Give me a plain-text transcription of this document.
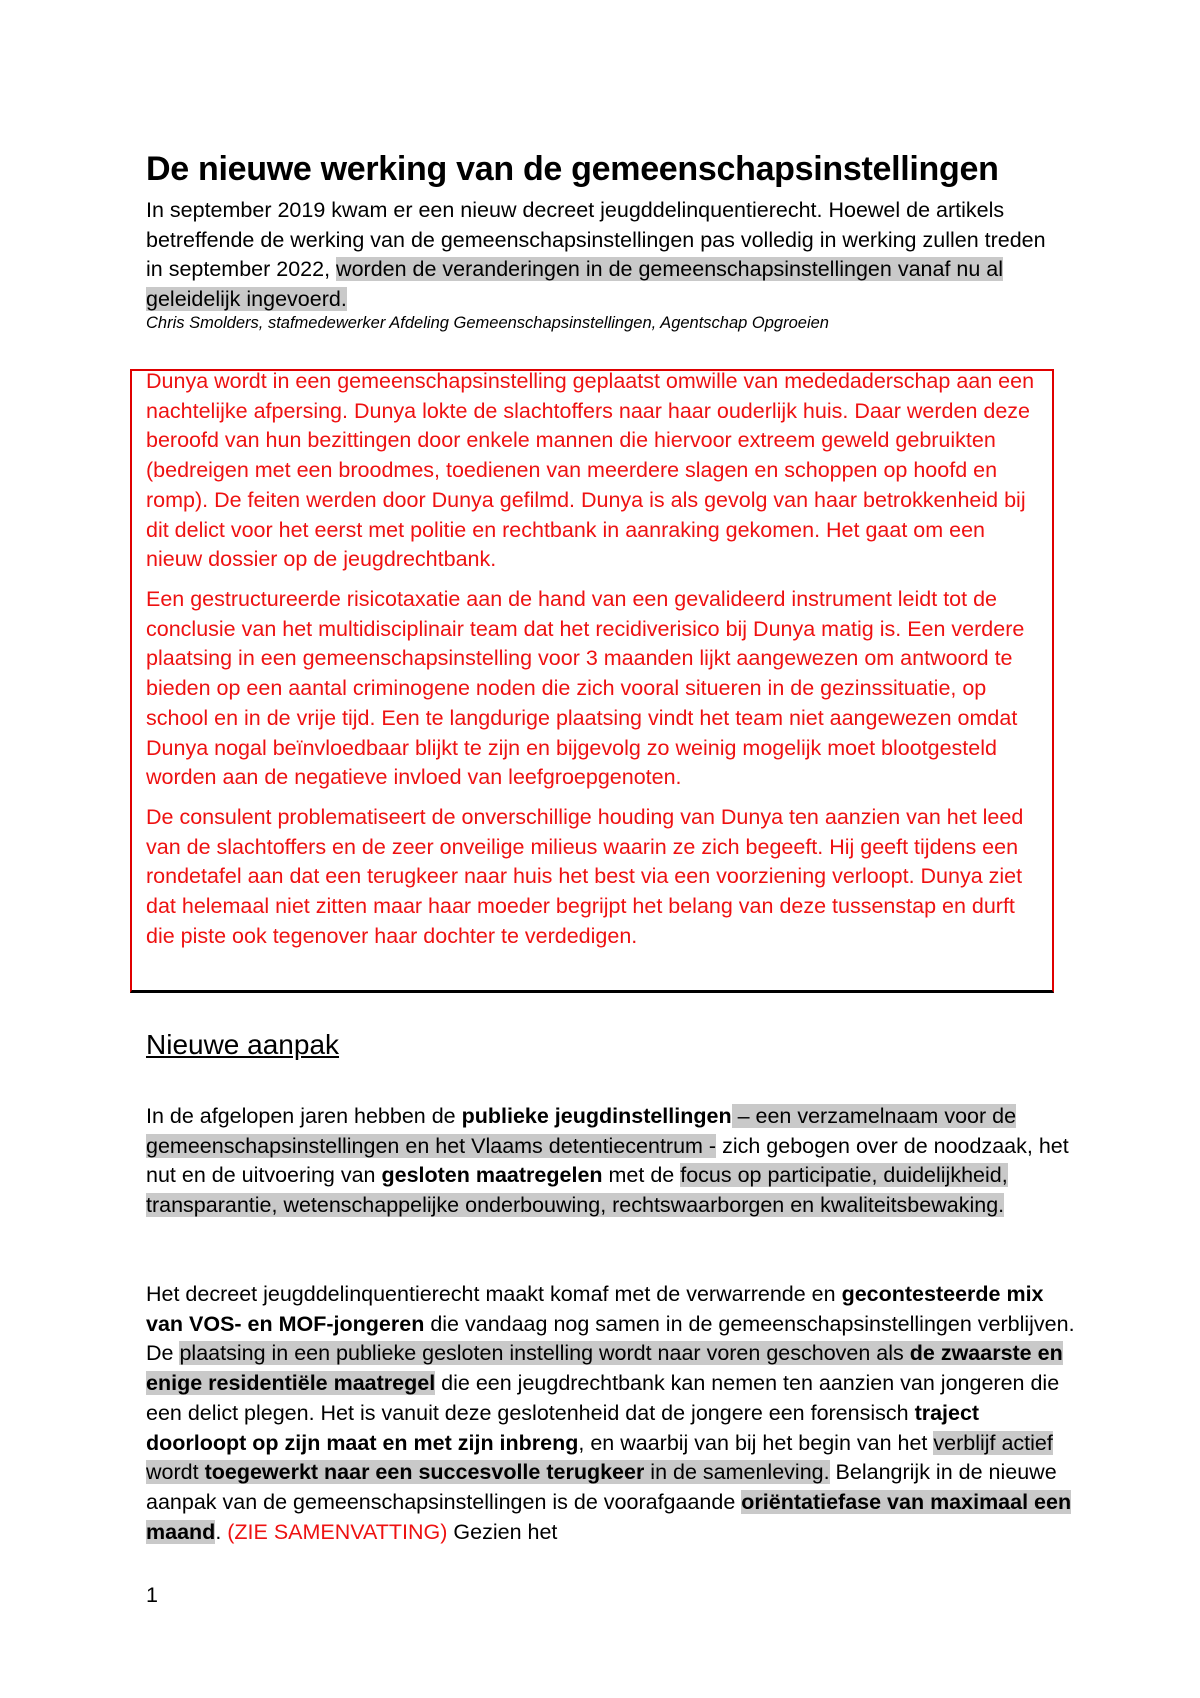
De nieuwe werking van de gemeenschapsinstellingen
In september 2019 kwam er een nieuw decreet jeugddelinquentierecht. Hoewel de artikels betreffende de werking van de gemeenschapsinstellingen pas volledig in werking zullen treden in september 2022, worden de veranderingen in de gemeenschapsinstellingen vanaf nu al geleidelijk ingevoerd.
Chris Smolders, stafmedewerker Afdeling Gemeenschapsinstellingen, Agentschap Opgroeien

Dunya wordt in een gemeenschapsinstelling geplaatst omwille van mededaderschap aan een nachtelijke afpersing. Dunya lokte de slachtoffers naar haar ouderlijk huis. Daar werden deze beroofd van hun bezittingen door enkele mannen die hiervoor extreem geweld gebruikten (bedreigen met een broodmes, toedienen van meerdere slagen en schoppen op hoofd en romp). De feiten werden door Dunya gefilmd. Dunya is als gevolg van haar betrokkenheid bij dit delict voor het eerst met politie en rechtbank in aanraking gekomen. Het gaat om een nieuw dossier op de jeugdrechtbank.

Een gestructureerde risicotaxatie aan de hand van een gevalideerd instrument leidt tot de conclusie van het multidisciplinair team dat het recidiverisico bij Dunya matig is. Een verdere plaatsing in een gemeenschapsinstelling voor 3 maanden lijkt aangewezen om antwoord te bieden op een aantal criminogene noden die zich vooral situeren in de gezinssituatie, op school en in de vrije tijd. Een te langdurige plaatsing vindt het team niet aangewezen omdat Dunya nogal beïnvloedbaar blijkt te zijn en bijgevolg zo weinig mogelijk moet blootgesteld worden aan de negatieve invloed van leefgroepgenoten.

De consulent problematiseert de onverschillige houding van Dunya ten aanzien van het leed van de slachtoffers en de zeer onveilige milieus waarin ze zich begeeft. Hij geeft tijdens een rondetafel aan dat een terugkeer naar huis het best via een voorziening verloopt. Dunya ziet dat helemaal niet zitten maar haar moeder begrijpt het belang van deze tussenstap en durft die piste ook tegenover haar dochter te verdedigen.

Nieuwe aanpak

In de afgelopen jaren hebben de publieke jeugdinstellingen – een verzamelnaam voor de gemeenschapsinstellingen en het Vlaams detentiecentrum - zich gebogen over de noodzaak, het nut en de uitvoering van gesloten maatregelen met de focus op participatie, duidelijkheid, transparantie, wetenschappelijke onderbouwing, rechtswaarborgen en kwaliteitsbewaking.

Het decreet jeugddelinquentierecht maakt komaf met de verwarrende en gecontesteerde mix van VOS- en MOF-jongeren die vandaag nog samen in de gemeenschapsinstellingen verblijven. De plaatsing in een publieke gesloten instelling wordt naar voren geschoven als de zwaarste en enige residentiële maatregel die een jeugdrechtbank kan nemen ten aanzien van jongeren die een delict plegen. Het is vanuit deze geslotenheid dat de jongere een forensisch traject doorloopt op zijn maat en met zijn inbreng, en waarbij van bij het begin van het verblijf actief wordt toegewerkt naar een succesvolle terugkeer in de samenleving. Belangrijk in de nieuwe aanpak van de gemeenschapsinstellingen is de voorafgaande oriëntatiefase van maximaal een maand. (ZIE SAMENVATTING) Gezien het

1
